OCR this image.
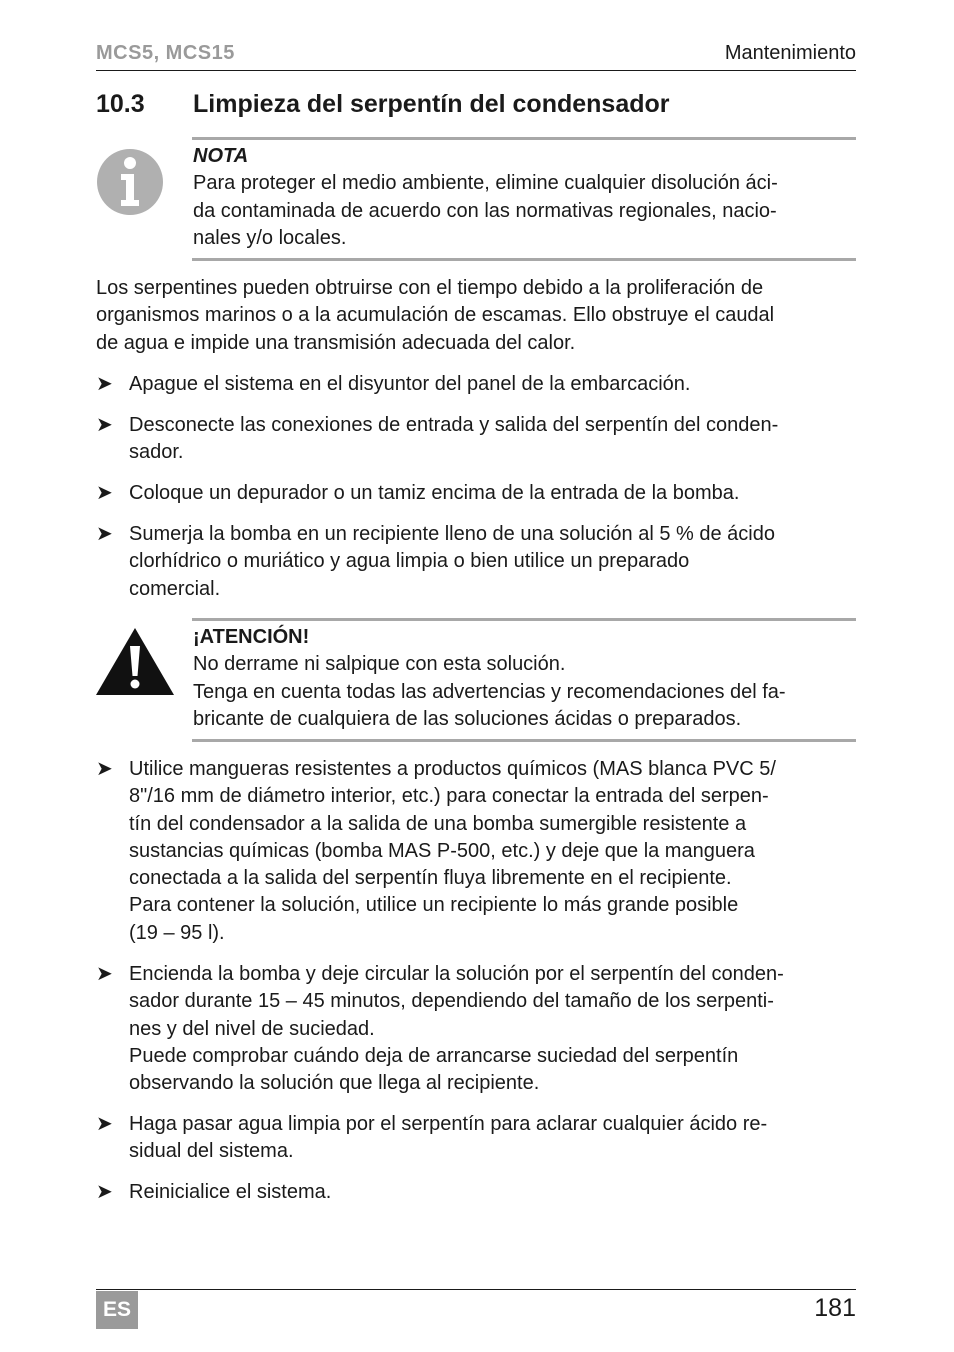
MCS5, MCS15	Mantenimiento
10.3 Limpieza del serpentín del condensador
NOTA
Para proteger el medio ambiente, elimine cualquier disolución áci-
da contaminada de acuerdo con las normativas regionales, nacio-
nales y/o locales.
Los serpentines pueden obtruirse con el tiempo debido a la proliferación de
organismos marinos o a la acumulación de escamas. Ello obstruye el caudal
de agua e impide una transmisión adecuada del calor.
➤ Apague el sistema en el disyuntor del panel de la embarcación.
➤ Desconecte las conexiones de entrada y salida del serpentín del conden-
sador.
➤ Coloque un depurador o un tamiz encima de la entrada de la bomba.
➤ Sumerja la bomba en un recipiente lleno de una solución al 5 % de ácido
clorhídrico o muriático y agua limpia o bien utilice un preparado
comercial.
¡ATENCIÓN!
No derrame ni salpique con esta solución.
Tenga en cuenta todas las advertencias y recomendaciones del fa-
bricante de cualquiera de las soluciones ácidas o preparados.
➤ Utilice mangueras resistentes a productos químicos (MAS blanca PVC 5/
8"/16 mm de diámetro interior, etc.) para conectar la entrada del serpen-
tín del condensador a la salida de una bomba sumergible resistente a
sustancias químicas (bomba MAS P-500, etc.) y deje que la manguera
conectada a la salida del serpentín fluya libremente en el recipiente.
Para contener la solución, utilice un recipiente lo más grande posible
(19 – 95 l).
➤ Encienda la bomba y deje circular la solución por el serpentín del conden-
sador durante 15 – 45 minutos, dependiendo del tamaño de los serpenti-
nes y del nivel de suciedad.
Puede comprobar cuándo deja de arrancarse suciedad del serpentín
observando la solución que llega al recipiente.
➤ Haga pasar agua limpia por el serpentín para aclarar cualquier ácido re-
sidual del sistema.
➤ Reinicialice el sistema.
ES	181
